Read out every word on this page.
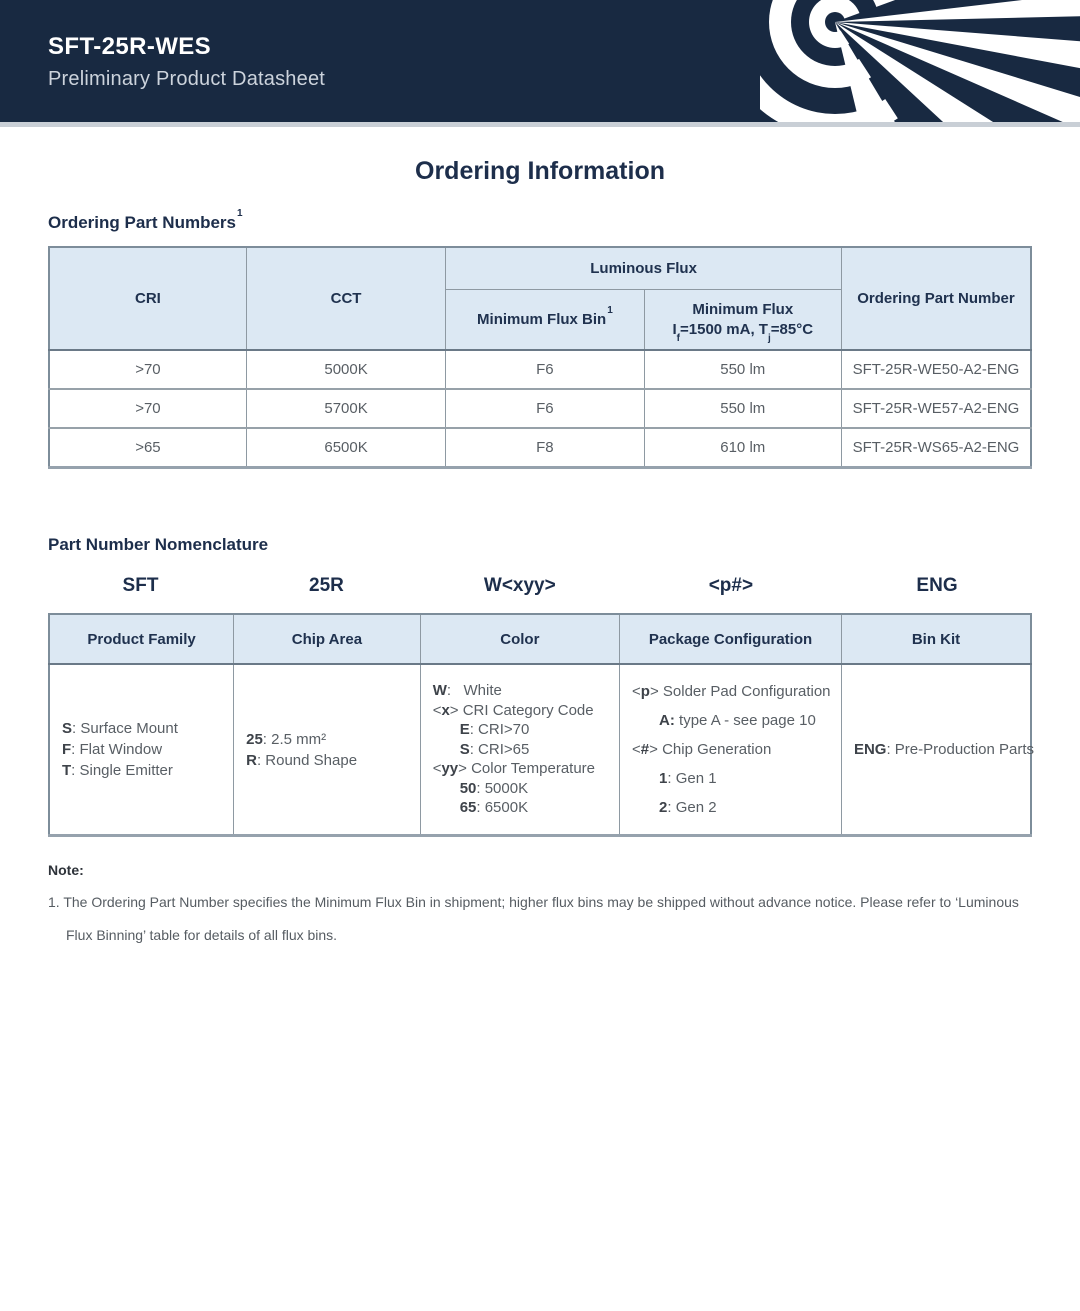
SFT-25R-WES
Preliminary Product Datasheet
Ordering Information
Ordering Part Numbers$^1$
CRI	CCT	Luminous Flux		Ordering Part Number
		Minimum Flux Bin$^1$	Minimum Flux
$I_f=1500$ mA, $T_j=85^\circ C$	

>70	5000K	F6	550 lm	SFT-25R-WE50-A2-ENG
>70	5700K	F6	550 lm	SFT-25R-WE57-A2-ENG
>65	6500K	F8	610 lm	SFT-25R-WS65-A2-ENG
Part Number Nomenclature
SFT	25R	W<xyy>	<p#>	ENG
Product Family	Chip Area	Color	Package Configuration	Bin Kit

S: Surface Mount
F: Flat Window
T: Single Emitter

25: 2.5 mm²
R: Round Shape

W:   White
<x> CRI Category Code
E: CRI>70
S: CRI>65
<yy> Color Temperature
50: 5000K
65: 6500K

<p> Solder Pad Configuration
A: type A - see page 10
<#> Chip Generation
1: Gen 1
2: Gen 2

ENG: Pre-Production Parts
Note:
1. The Ordering Part Number specifies the Minimum Flux Bin in shipment; higher flux bins may be shipped without advance notice. Please refer to ‘Luminous Flux Binning’ table for details of all flux bins.
